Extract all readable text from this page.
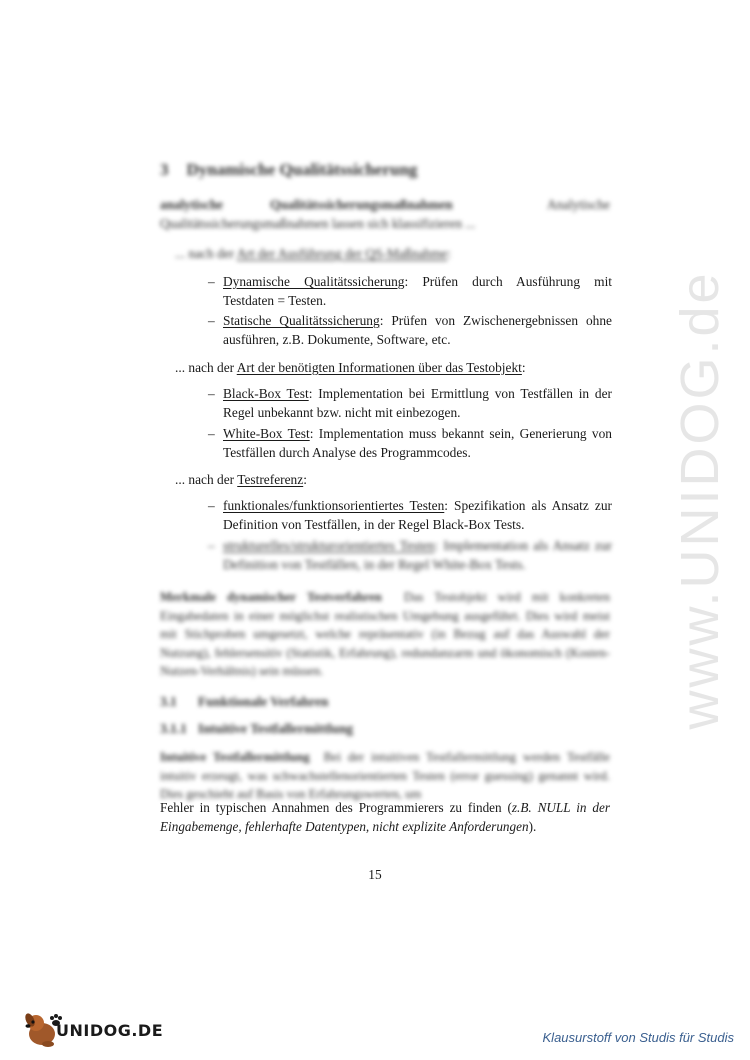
www.UNIDOG.de
3 Dynamische Qualitätssicherung
analytische Qualitätssicherungsmaßnahmen	Analytische Qualitätssicherungsmaßnahmen lassen sich klassifizieren ...
... nach der Art der Ausführung der QS-Maßnahme:
– Dynamische Qualitätssicherung: Prüfen durch Ausführung mit Testdaten = Testen.
– Statische Qualitätssicherung: Prüfen von Zwischenergebnissen ohne ausführen, z.B. Dokumente, Software, etc.
... nach der Art der benötigten Informationen über das Testobjekt:
– Black-Box Test: Implementation bei Ermittlung von Testfällen in der Regel unbekannt bzw. nicht mit einbezogen.
– White-Box Test: Implementation muss bekannt sein, Generierung von Testfällen durch Analyse des Programmcodes.
... nach der Testreferenz:
– funktionales/funktionsorientiertes Testen: Spezifikation als Ansatz zur Definition von Testfällen, in der Regel Black-Box Tests.
– strukturelles/strukturorientiertes Testen: Implementation als Ansatz zur Definition von Testfällen, in der Regel White-Box Tests.
Merkmale dynamischer Testverfahren Das Testobjekt wird mit konkreten Eingabedaten in einer möglichst realistischen Umgebung ausgeführt. Dies wird meist mit Stichproben umgesetzt, welche repräsentativ (in Bezug auf das Auswahl der Nutzung), fehlersensitiv (Statistik, Erfahrung), redundanzarm und ökonomisch (Kosten-Nutzen-Verhältnis) sein müssen.
3.1 Funktionale Verfahren
3.1.1 Intuitive Testfallermittlung
Intuitive Testfallermittlung Bei der intuitiven Testfallermittlung werden Testfälle intuitiv erzeugt, was schwachstellenorientierten Testen (error guessing) genannt wird. Dies geschieht auf Basis von Erfahrungswerten, um
Fehler in typischen Annahmen des Programmierers zu finden (z.B. NULL in der Eingabemenge, fehlerhafte Datentypen, nicht explizite Anforderungen).
15
UNIDOG.DE	Klausurstoff von Studis für Studis
